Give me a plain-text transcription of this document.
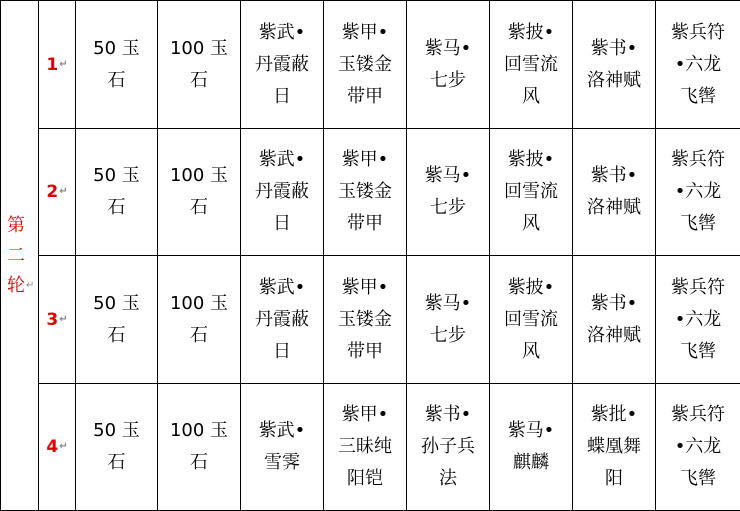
第二轮↵	1↵	50 玉石	100 玉石	紫武•丹霞蔽日	紫甲•玉镂金带甲	紫马•七步	紫披•回雪流风	紫书•洛神赋	紫兵符•六龙飞辔
	2↵	50 玉石	100 玉石	紫武•丹霞蔽日	紫甲•玉镂金带甲	紫马•七步	紫披•回雪流风	紫书•洛神赋	紫兵符•六龙飞辔
	3↵	50 玉石	100 玉石	紫武•丹霞蔽日	紫甲•玉镂金带甲	紫马•七步	紫披•回雪流风	紫书•洛神赋	紫兵符•六龙飞辔
	4↵	50 玉石	100 玉石	紫武•雪霁	紫甲•三昧纯阳铠	紫书•孙子兵法	紫马•麒麟	紫批•蝶凰舞阳	紫兵符•六龙飞辔
